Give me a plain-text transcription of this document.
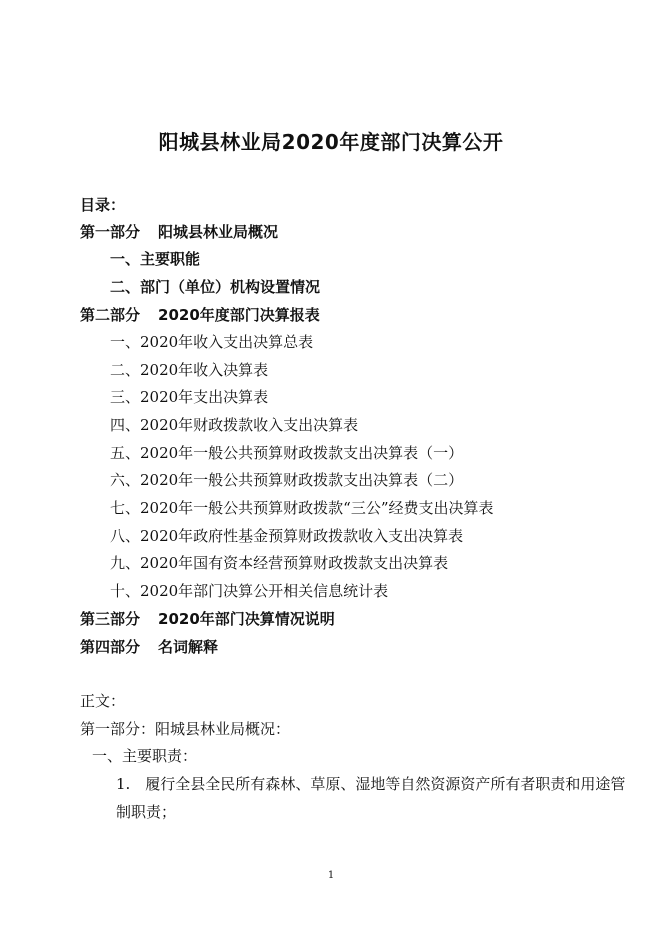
阳城县林业局2020年度部门决算公开
目录：
第一部分 阳城县林业局概况
一、主要职能
二、部门（单位）机构设置情况
第二部分 2020年度部门决算报表
一、2020年收入支出决算总表
二、2020年收入决算表
三、2020年支出决算表
四、2020年财政拨款收入支出决算表
五、2020年一般公共预算财政拨款支出决算表（一）
六、2020年一般公共预算财政拨款支出决算表（二）
七、2020年一般公共预算财政拨款“三公”经费支出决算表
八、2020年政府性基金预算财政拨款收入支出决算表
九、2020年国有资本经营预算财政拨款支出决算表
十、2020年部门决算公开相关信息统计表
第三部分 2020年部门决算情况说明
第四部分 名词解释
正文：
第一部分：阳城县林业局概况：
一、主要职责：
1.　履行全县全民所有森林、草原、湿地等自然资源资产所有者职责和用途管制职责；
1
